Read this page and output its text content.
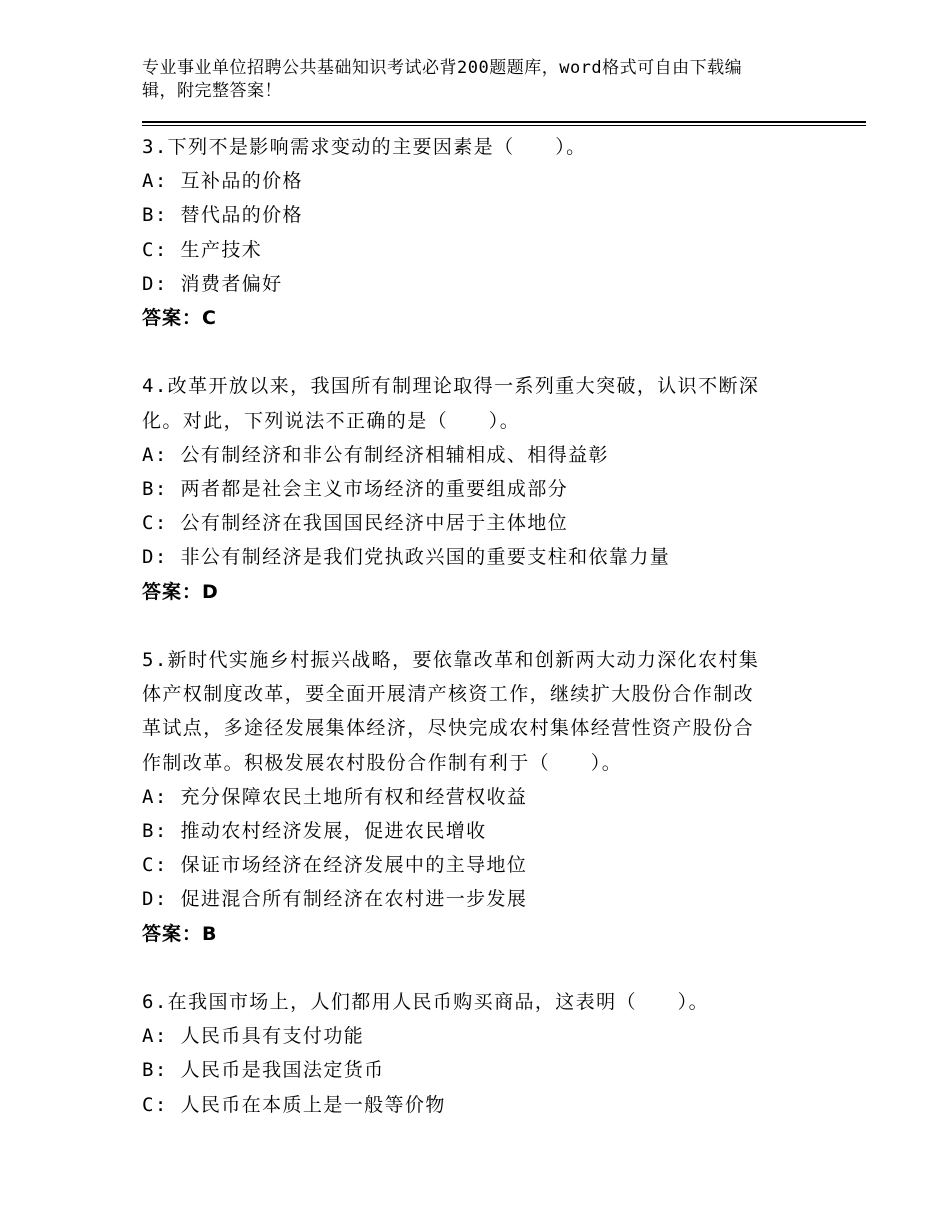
专业事业单位招聘公共基础知识考试必背200题题库，word格式可自由下载编
辑，附完整答案！

3.下列不是影响需求变动的主要因素是（　　）。

A: 互补品的价格

B: 替代品的价格

C: 生产技术

D: 消费者偏好

答案：C

4.改革开放以来，我国所有制理论取得一系列重大突破，认识不断深

化。对此，下列说法不正确的是（　　）。

A: 公有制经济和非公有制经济相辅相成、相得益彰

B: 两者都是社会主义市场经济的重要组成部分

C: 公有制经济在我国国民经济中居于主体地位

D: 非公有制经济是我们党执政兴国的重要支柱和依靠力量

答案：D

5.新时代实施乡村振兴战略，要依靠改革和创新两大动力深化农村集

体产权制度改革，要全面开展清产核资工作，继续扩大股份合作制改

革试点，多途径发展集体经济，尽快完成农村集体经营性资产股份合

作制改革。积极发展农村股份合作制有利于（　　）。

A: 充分保障农民土地所有权和经营权收益

B: 推动农村经济发展，促进农民增收

C: 保证市场经济在经济发展中的主导地位

D: 促进混合所有制经济在农村进一步发展

答案：B

6.在我国市场上，人们都用人民币购买商品，这表明（　　）。

A: 人民币具有支付功能

B: 人民币是我国法定货币

C: 人民币在本质上是一般等价物
